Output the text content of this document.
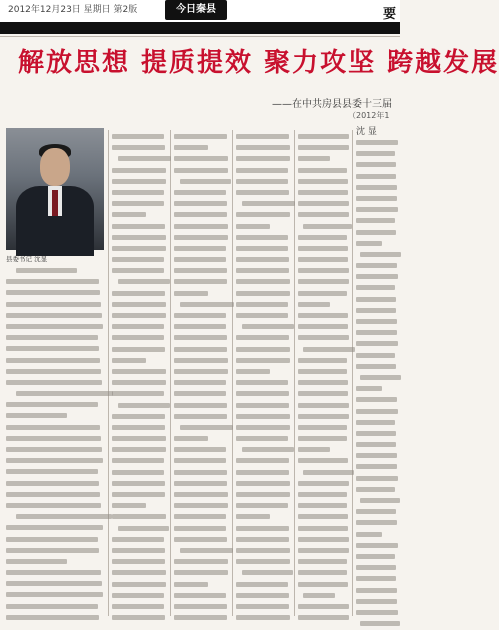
2012年12月23日 星期日 第2版	今日秦县	要
解放思想 提质提效 聚力攻坚 跨越发展
——在中共房县县委十三届
（2012年1
沈 显
县委书记 沈显
